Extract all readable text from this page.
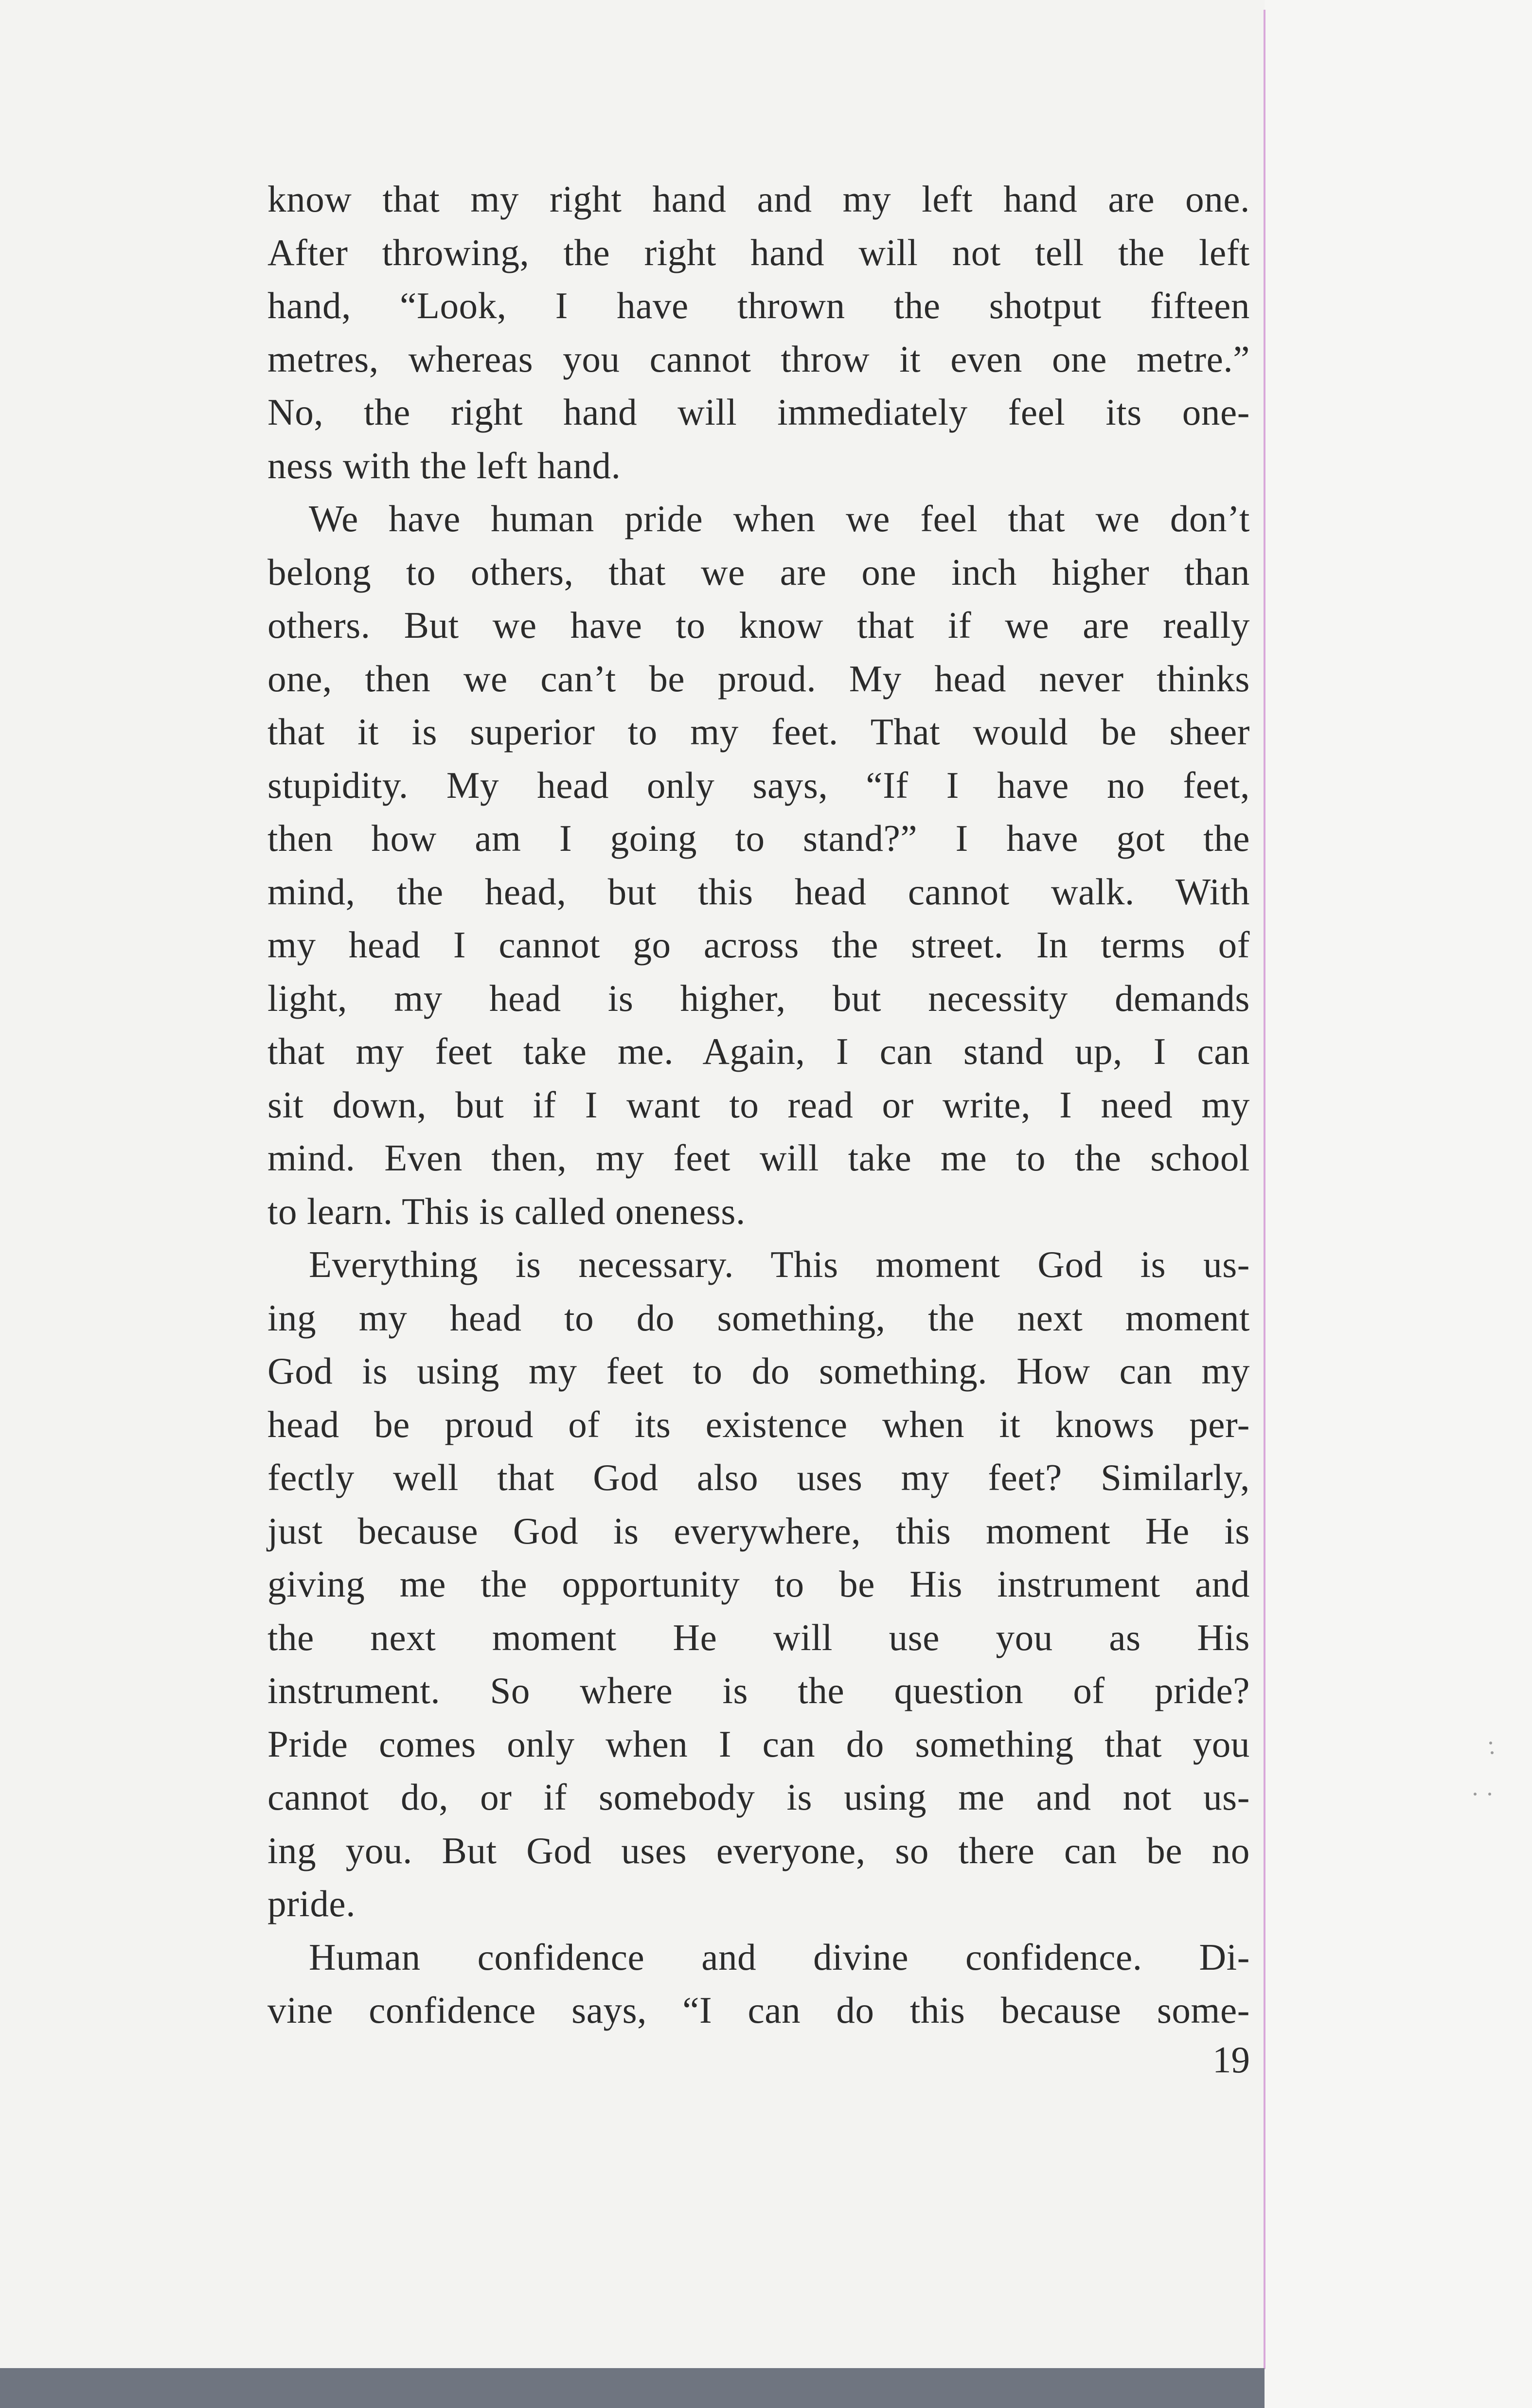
know that my right hand and my left hand are one.
After throwing, the right hand will not tell the left
hand, “Look, I have thrown the shotput fifteen
metres, whereas you cannot throw it even one metre.”
No, the right hand will immediately feel its one-
ness with the left hand.
We have human pride when we feel that we don’t
belong to others, that we are one inch higher than
others. But we have to know that if we are really
one, then we can’t be proud. My head never thinks
that it is superior to my feet. That would be sheer
stupidity. My head only says, “If I have no feet,
then how am I going to stand?” I have got the
mind, the head, but this head cannot walk. With
my head I cannot go across the street. In terms of
light, my head is higher, but necessity demands
that my feet take me. Again, I can stand up, I can
sit down, but if I want to read or write, I need my
mind. Even then, my feet will take me to the school
to learn. This is called oneness.
Everything is necessary. This moment God is us-
ing my head to do something, the next moment
God is using my feet to do something. How can my
head be proud of its existence when it knows per-
fectly well that God also uses my feet? Similarly,
just because God is everywhere, this moment He is
giving me the opportunity to be His instrument and
the next moment He will use you as His
instrument. So where is the question of pride?
Pride comes only when I can do something that you
cannot do, or if somebody is using me and not us-
ing you. But God uses everyone, so there can be no
pride.
Human confidence and divine confidence. Di-
vine confidence says, “I can do this because some-
19
